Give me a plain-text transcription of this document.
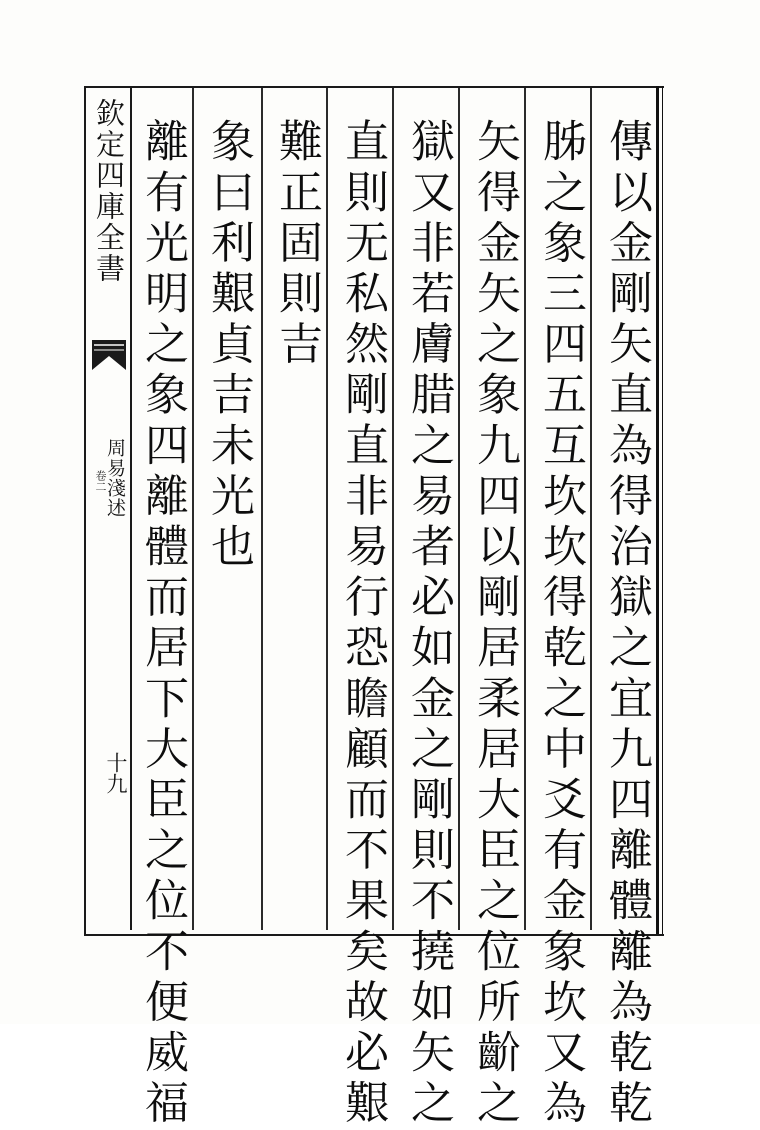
欽定四庫全書
周易淺述
卷二
十九	傳以金剛矢直為得治獄之宜九四離體離為乾乾
胏之象三四五互坎坎得乾之中爻有金象坎又為
矢得金矢之象九四以剛居柔居大臣之位所齘之
獄又非若膚腊之易者必如金之剛則不撓如矢之
直則无私然剛直非易行恐瞻顧而不果矣故必艱
難正固則吉
象曰利艱貞吉未光也
離有光明之象四離體而居下大臣之位不便威福
